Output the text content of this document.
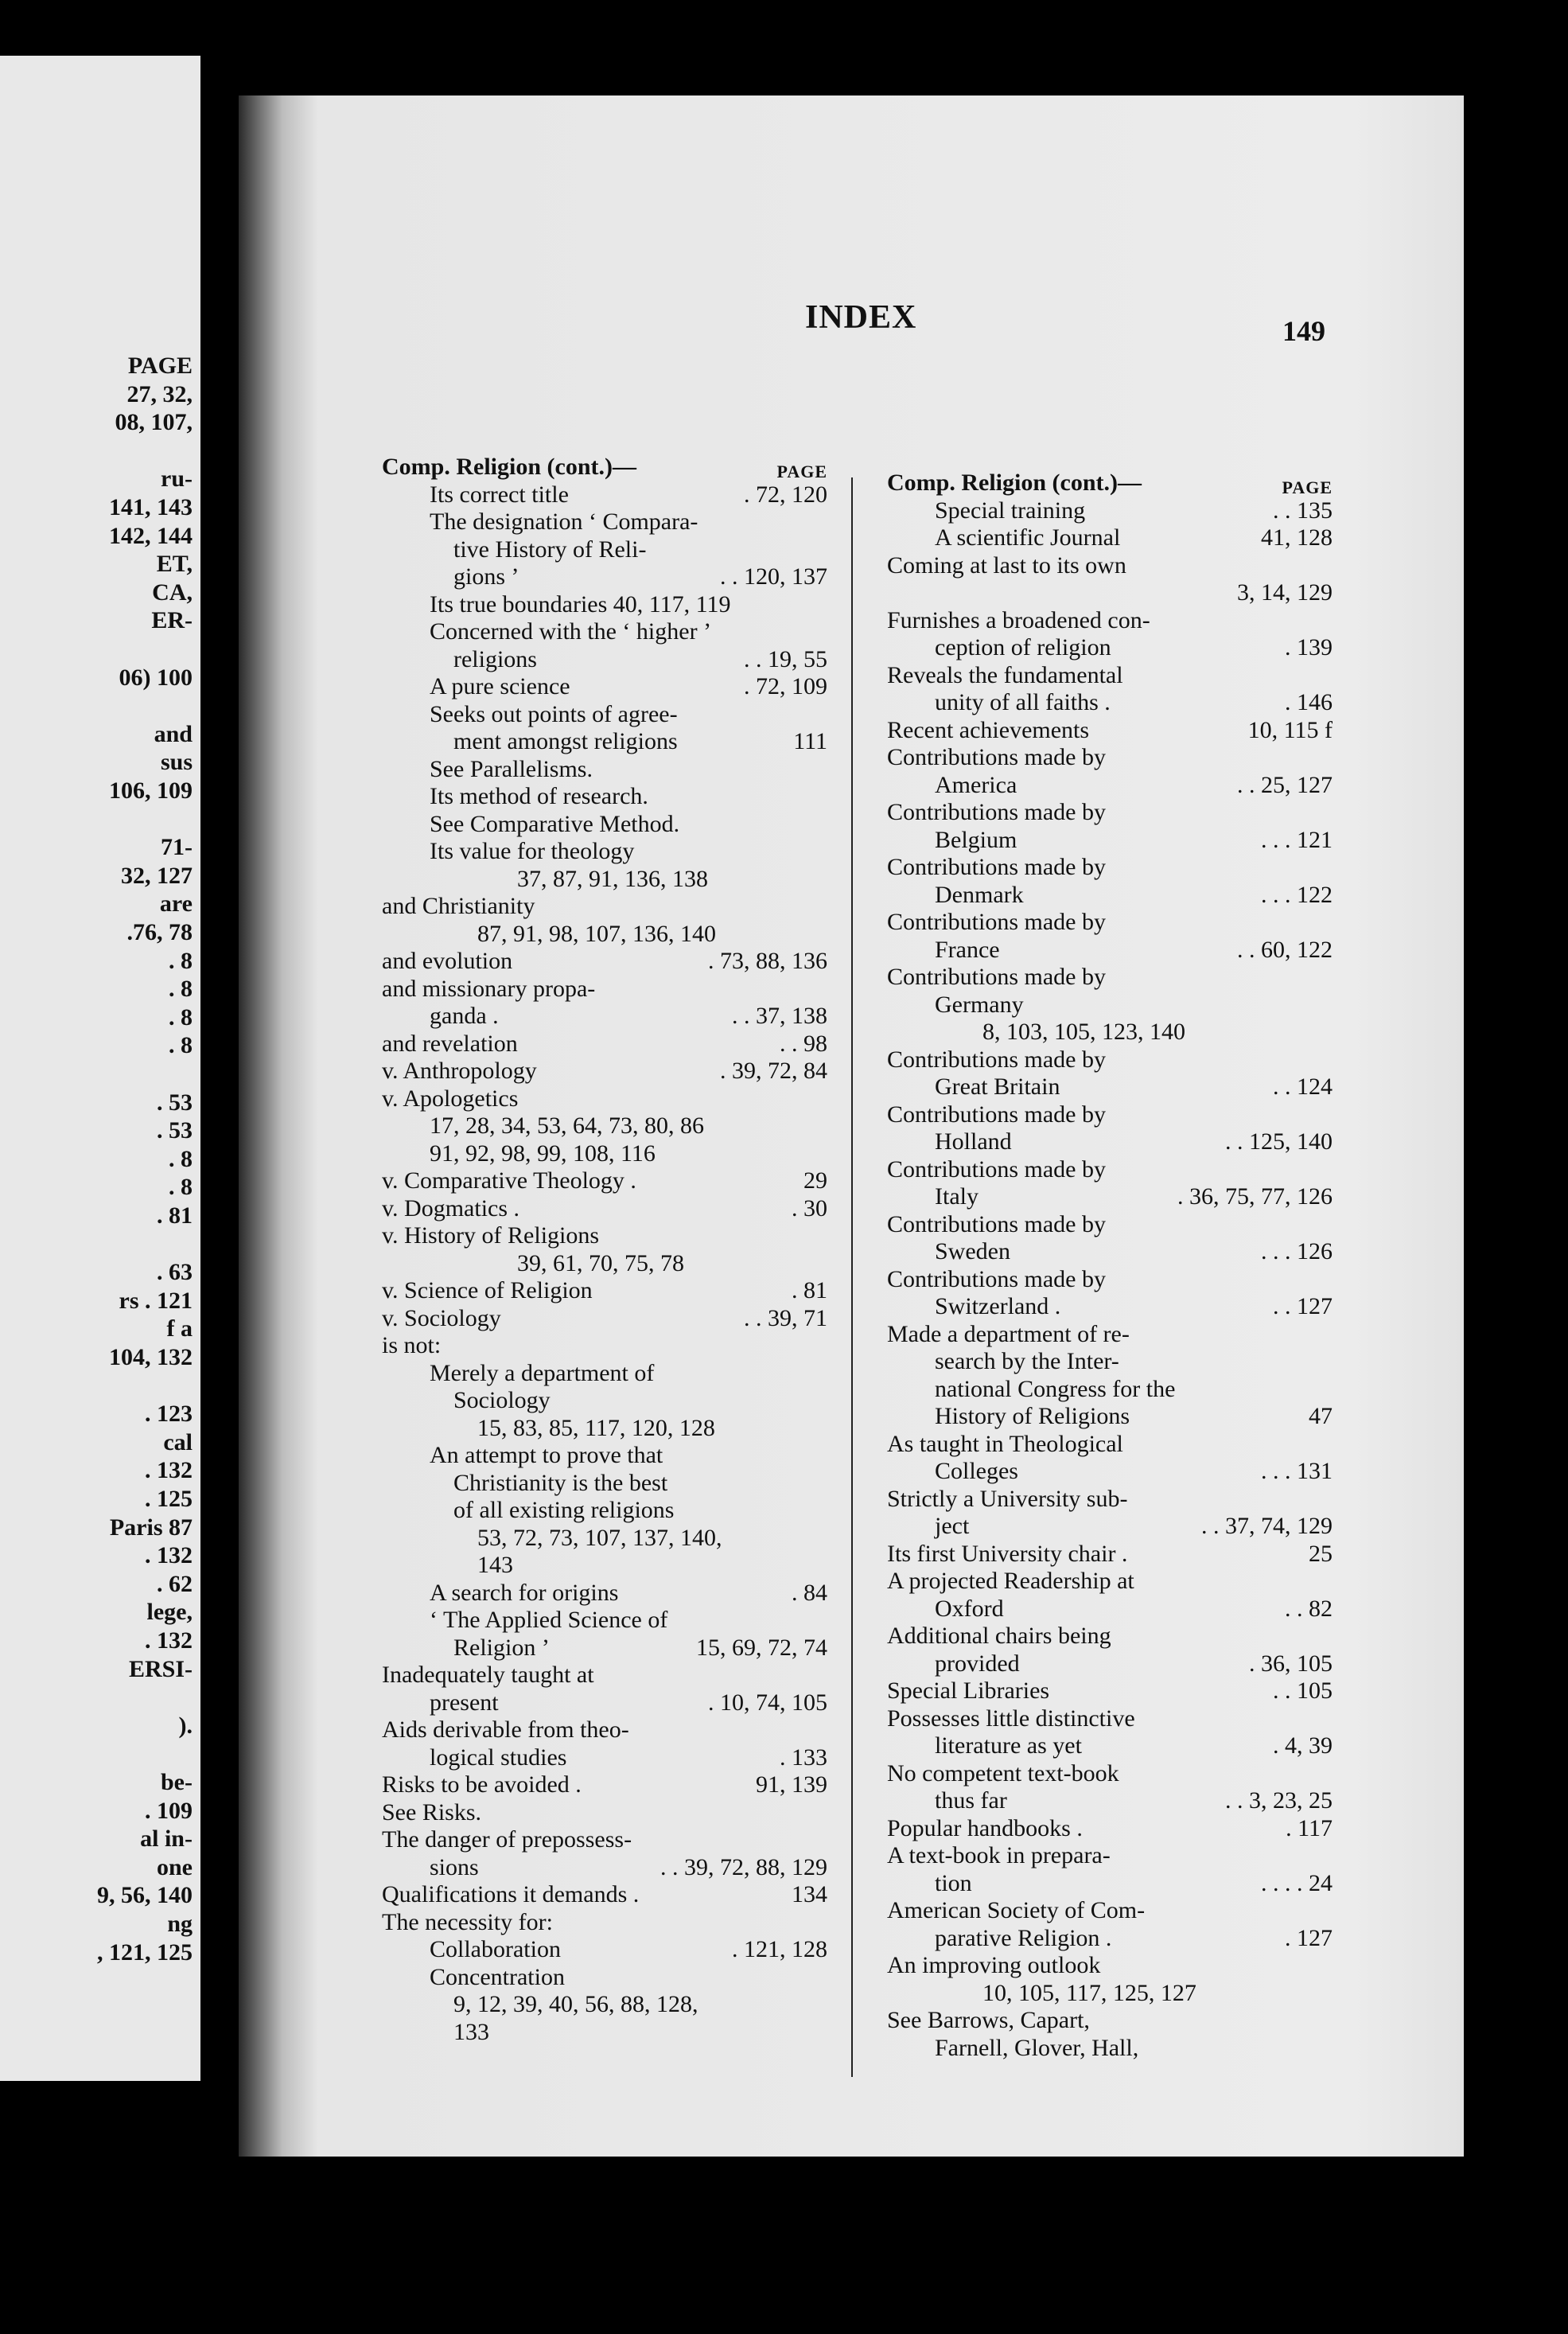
PAGE
27, 32,
08, 107,
ru-
141, 143
142, 144
ET,
CA,
ER-
06) 100
and
sus
106, 109
71-
32, 127
are
.76, 78
. 8
. 8
. 8
. 8
. 53
. 53
. 8
. 8
. 81
. 63
rs . 121
f a
104, 132
. 123
cal
. 132
. 125
Paris 87
. 132
. 62
lege,
. 132
ERSI-
).
be-
. 109
al in-
one
9, 56, 140
ng
, 121, 125
INDEX	149
Comp. Religion (cont.)—	PAGE
Its correct title	. 72, 120
The designation ‘ Compara-
tive History of Reli-
gions ’	. . 120, 137
Its true boundaries 40, 117, 119
Concerned with the ‘ higher ’
religions	. . 19, 55
A pure science	. 72, 109
Seeks out points of agree-
ment amongst religions	111
See Parallelisms.
Its method of research.
See Comparative Method.
Its value for theology
37, 87, 91, 136, 138
and Christianity
87, 91, 98, 107, 136, 140
and evolution	. 73, 88, 136
and missionary propa-
ganda .	. . 37, 138
and revelation	. . 98
v. Anthropology	. 39, 72, 84
v. Apologetics
17, 28, 34, 53, 64, 73, 80, 86
91, 92, 98, 99, 108, 116
v. Comparative Theology .	29
v. Dogmatics .	. 30
v. History of Religions
39, 61, 70, 75, 78
v. Science of Religion	. 81
v. Sociology	. . 39, 71
is not:
Merely a department of
Sociology
15, 83, 85, 117, 120, 128
An attempt to prove that
Christianity is the best
of all existing religions
53, 72, 73, 107, 137, 140,
143
A search for origins	. 84
‘ The Applied Science of
Religion ’	15, 69, 72, 74
Inadequately taught at
present	. 10, 74, 105
Aids derivable from theo-
logical studies	. 133
Risks to be avoided .	91, 139
See Risks.
The danger of prepossess-
sions	. . 39, 72, 88, 129
Qualifications it demands .	134
The necessity for:
Collaboration	. 121, 128
Concentration
9, 12, 39, 40, 56, 88, 128,
133
Comp. Religion (cont.)—	PAGE
Special training	. . 135
A scientific Journal	41, 128
Coming at last to its own

3, 14, 129
Furnishes a broadened con-
ception of religion	. 139
Reveals the fundamental
unity of all faiths .	. 146
Recent achievements	10, 115 f
Contributions made by
America	. . 25, 127
Contributions made by
Belgium	. . . 121
Contributions made by
Denmark	. . . 122
Contributions made by
France	. . 60, 122
Contributions made by
Germany
8, 103, 105, 123, 140
Contributions made by
Great Britain	. . 124
Contributions made by
Holland	. . 125, 140
Contributions made by
Italy	. 36, 75, 77, 126
Contributions made by
Sweden	. . . 126
Contributions made by
Switzerland .	. . 127
Made a department of re-
search by the Inter-
national Congress for the
History of Religions	47
As taught in Theological
Colleges	. . . 131
Strictly a University sub-
ject	. . 37, 74, 129
Its first University chair .	25
A projected Readership at
Oxford	. . 82
Additional chairs being
provided	. 36, 105
Special Libraries	. . 105
Possesses little distinctive
literature as yet	. 4, 39
No competent text-book
thus far	. . 3, 23, 25
Popular handbooks .	. 117
A text-book in prepara-
tion	. . . . 24
American Society of Com-
parative Religion .	. 127
An improving outlook
10, 105, 117, 125, 127
See Barrows, Capart,
Farnell, Glover, Hall,
